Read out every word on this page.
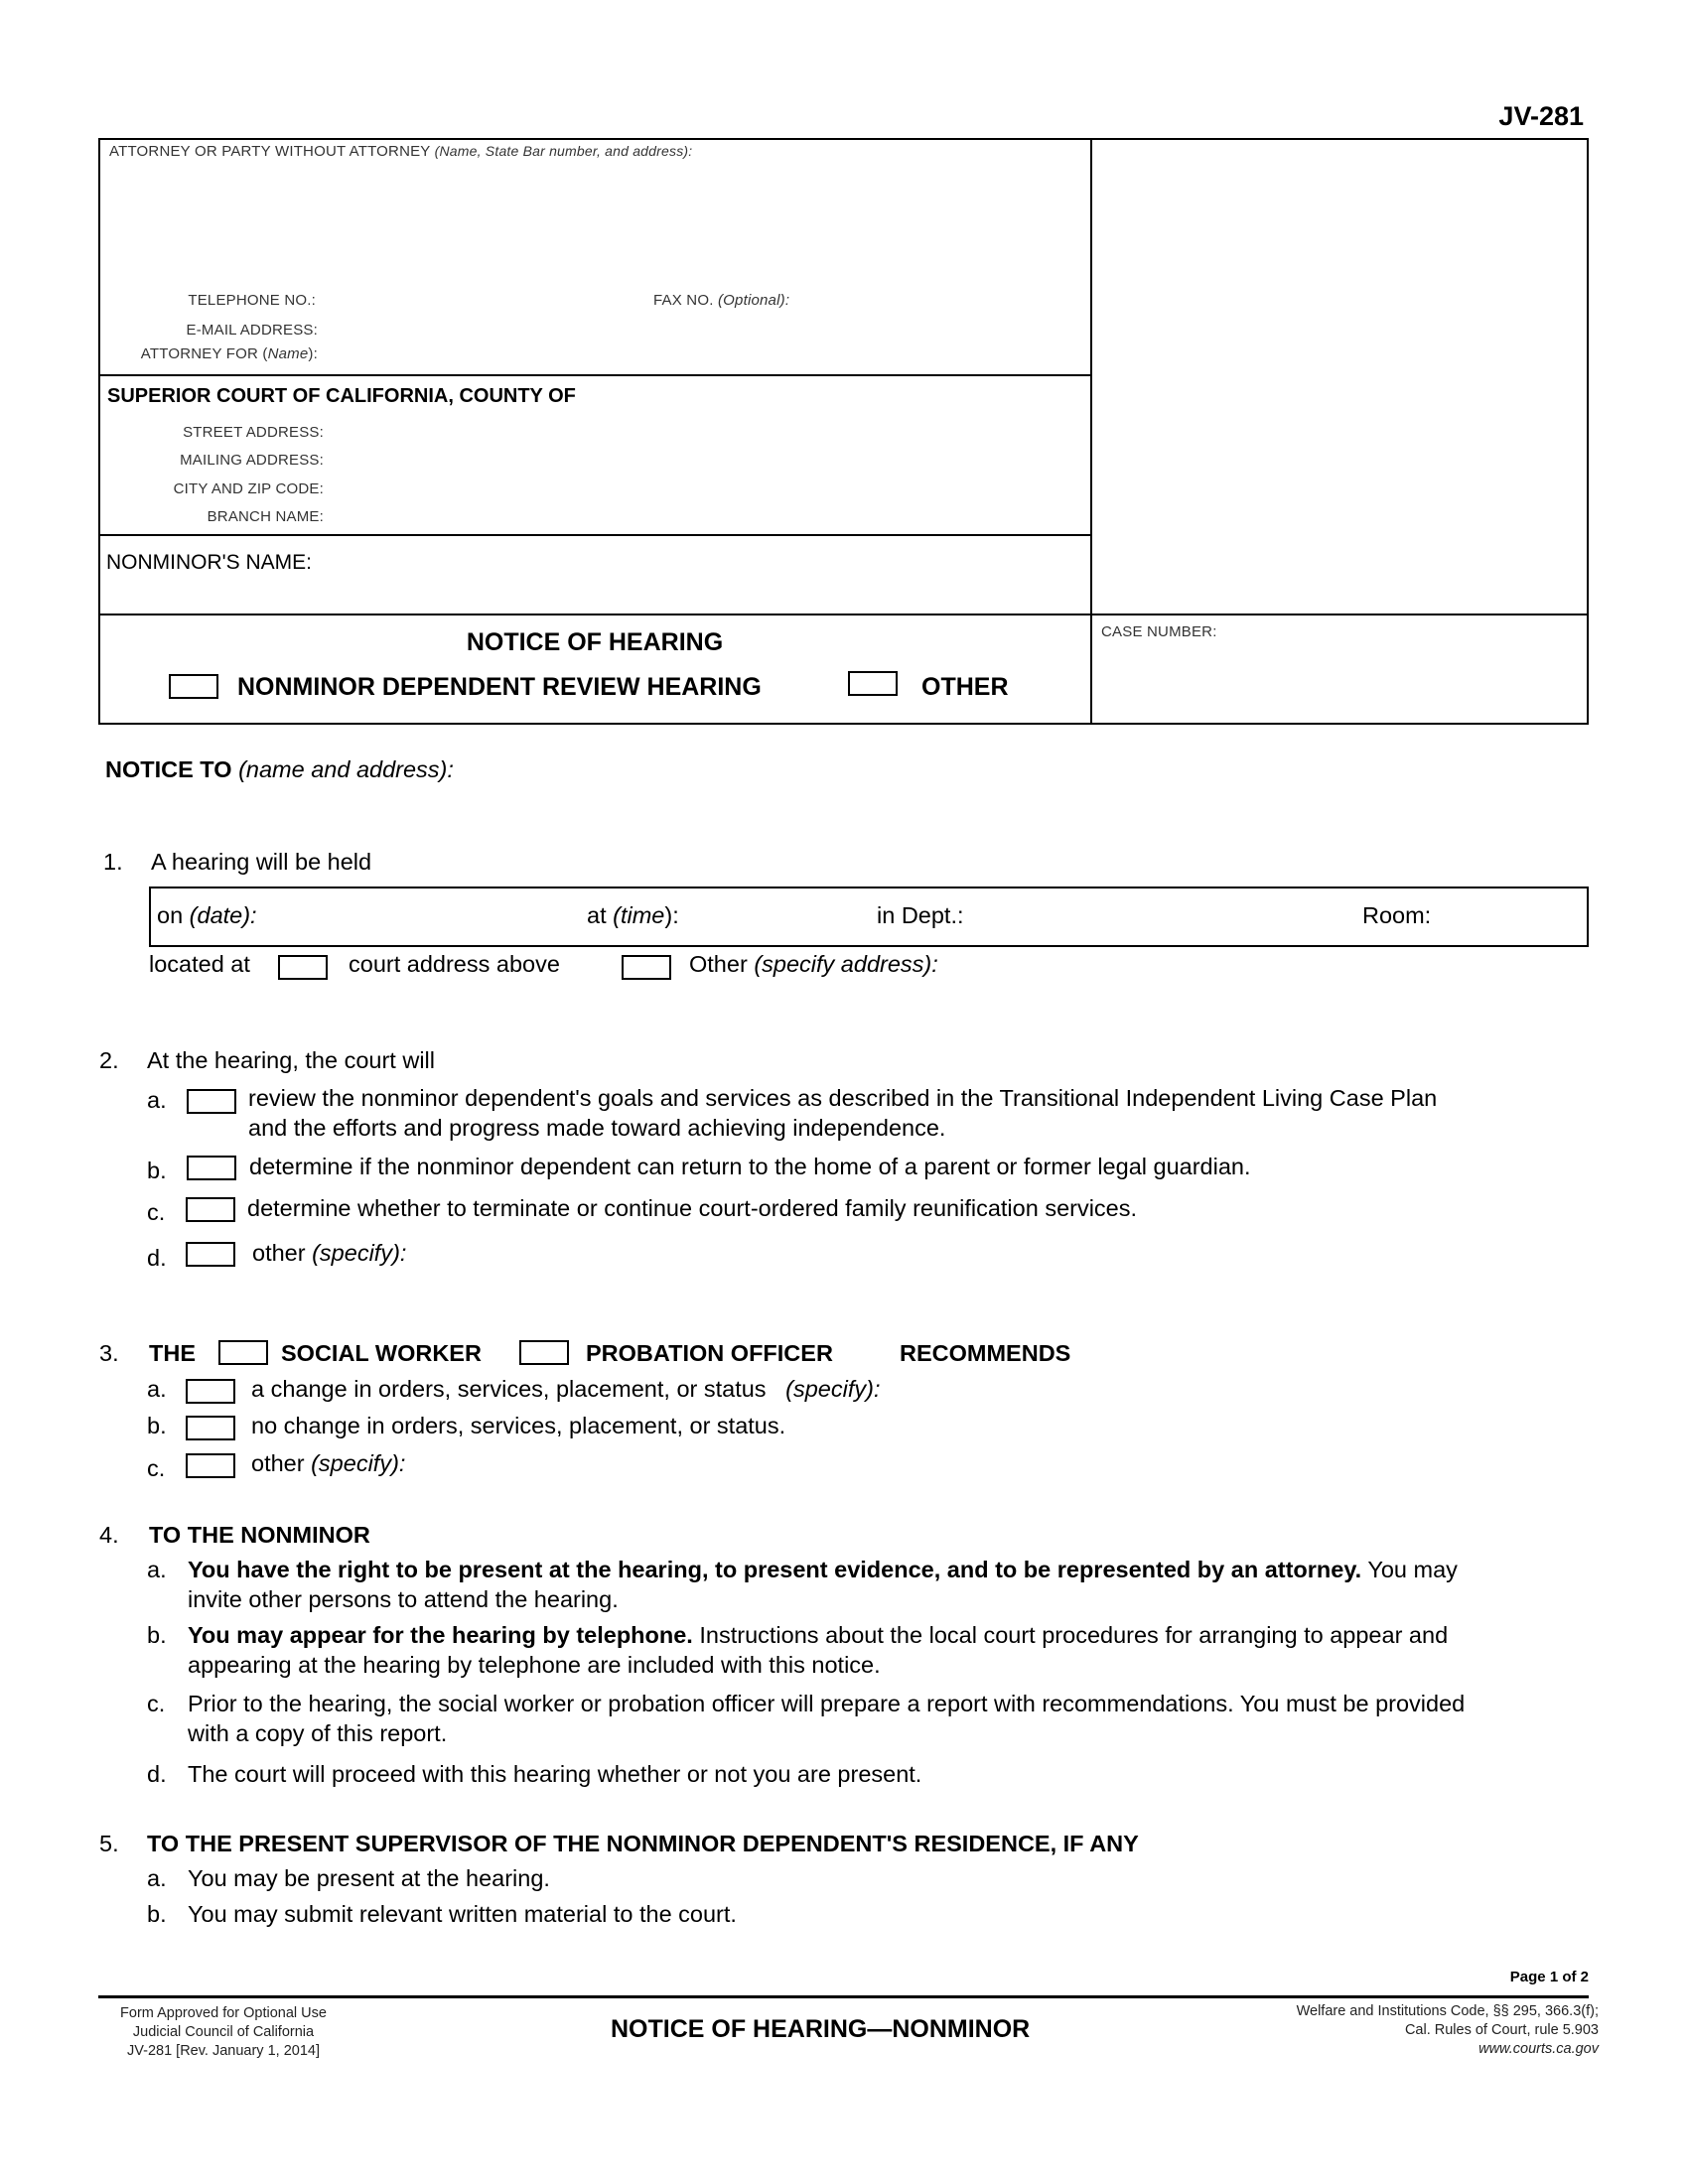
JV-281
ATTORNEY OR PARTY WITHOUT ATTORNEY (Name, State Bar number, and address):
TELEPHONE NO.:	FAX NO. (Optional):
E-MAIL ADDRESS:
ATTORNEY FOR (Name):
SUPERIOR COURT OF CALIFORNIA, COUNTY OF
STREET ADDRESS:
MAILING ADDRESS:
CITY AND ZIP CODE:
BRANCH NAME:
NONMINOR'S NAME:
NOTICE OF HEARING
NONMINOR DEPENDENT REVIEW HEARING	OTHER
CASE NUMBER:
NOTICE TO (name and address):
1. A hearing will be held
on (date):	at (time):	in Dept.:	Room:
located at	court address above	Other (specify address):
2. At the hearing, the court will
a.	review the nonminor dependent's goals and services as described in the Transitional Independent Living Case Plan
and the efforts and progress made toward achieving independence.
b.	determine if the nonminor dependent can return to the home of a parent or former legal guardian.
c.	determine whether to terminate or continue court-ordered family reunification services.
d.	other (specify):
3. THE	SOCIAL WORKER	PROBATION OFFICER	RECOMMENDS
a.	a change in orders, services, placement, or status (specify):
b.	no change in orders, services, placement, or status.
c.	other (specify):
4. TO THE NONMINOR
a. You have the right to be present at the hearing, to present evidence, and to be represented by an attorney. You may
invite other persons to attend the hearing.
b. You may appear for the hearing by telephone. Instructions about the local court procedures for arranging to appear and
appearing at the hearing by telephone are included with this notice.
c. Prior to the hearing, the social worker or probation officer will prepare a report with recommendations. You must be provided
with a copy of this report.
d. The court will proceed with this hearing whether or not you are present.
5. TO THE PRESENT SUPERVISOR OF THE NONMINOR DEPENDENT'S RESIDENCE, IF ANY
a. You may be present at the hearing.
b. You may submit relevant written material to the court.
Page 1 of 2
Form Approved for Optional Use
Judicial Council of California
JV-281 [Rev. January 1, 2014]
NOTICE OF HEARING—NONMINOR
Welfare and Institutions Code, §§ 295, 366.3(f);
Cal. Rules of Court, rule 5.903
www.courts.ca.gov
